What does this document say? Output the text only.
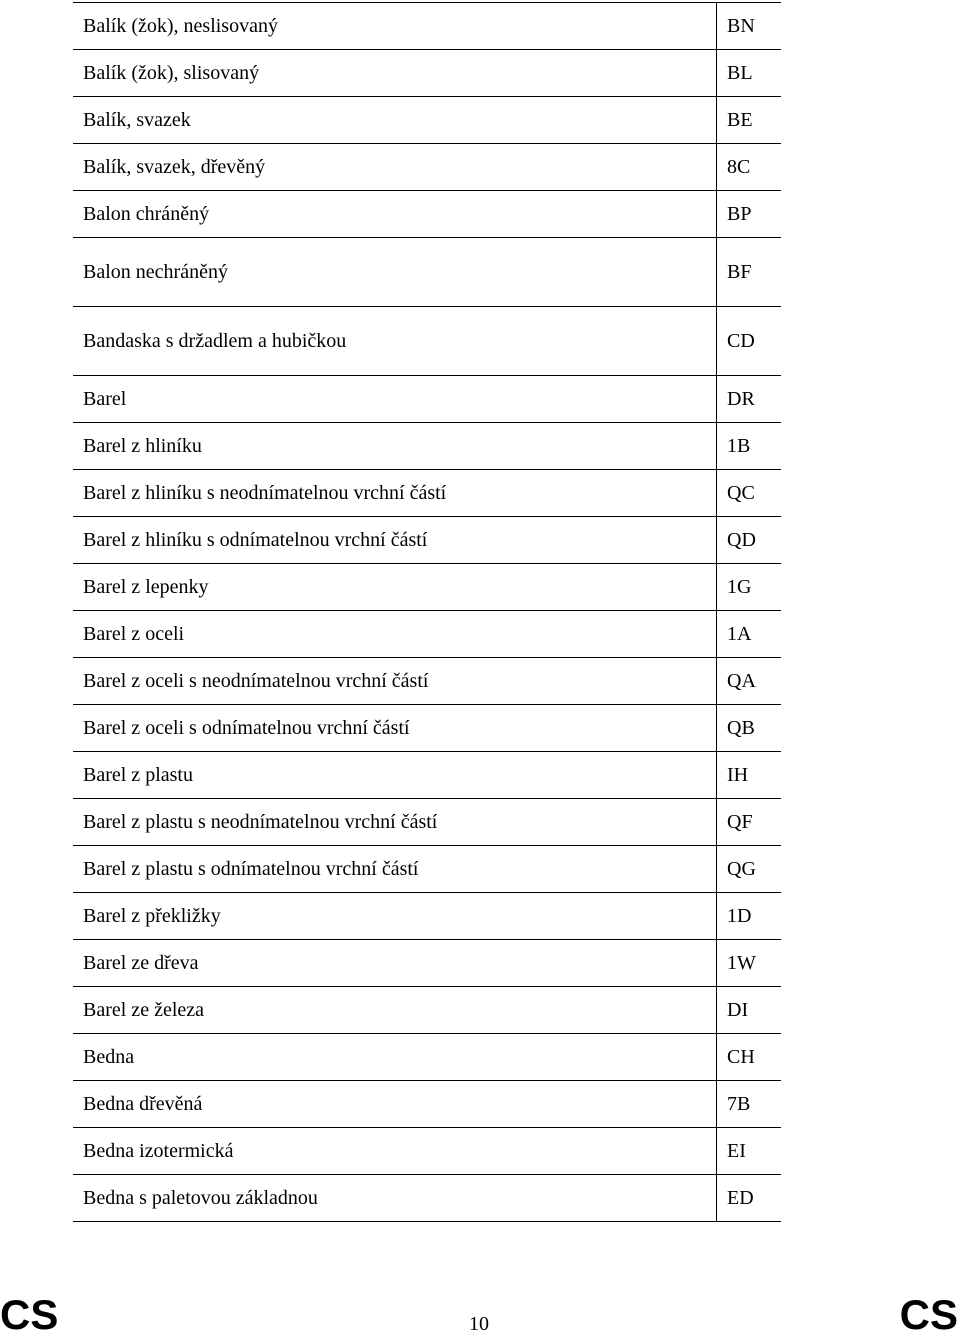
Balík (žok), neslisovaný	BN
Balík (žok), slisovaný	BL
Balík, svazek	BE
Balík, svazek, dřevěný	8C
Balon chráněný	BP
Balon nechráněný	BF
Bandaska s držadlem a hubičkou	CD
Barel	DR
Barel z hliníku	1B
Barel z hliníku s neodnímatelnou vrchní částí	QC
Barel z hliníku s odnímatelnou vrchní částí	QD
Barel z lepenky	1G
Barel z oceli	1A
Barel z oceli s neodnímatelnou vrchní částí	QA
Barel z oceli s odnímatelnou vrchní částí	QB
Barel z plastu	IH
Barel z plastu s neodnímatelnou vrchní částí	QF
Barel z plastu s odnímatelnou vrchní částí	QG
Barel z překližky	1D
Barel ze dřeva	1W
Barel ze železa	DI
Bedna	CH
Bedna dřevěná	7B
Bedna izotermická	EI
Bedna s paletovou základnou	ED
CS	10	CS
